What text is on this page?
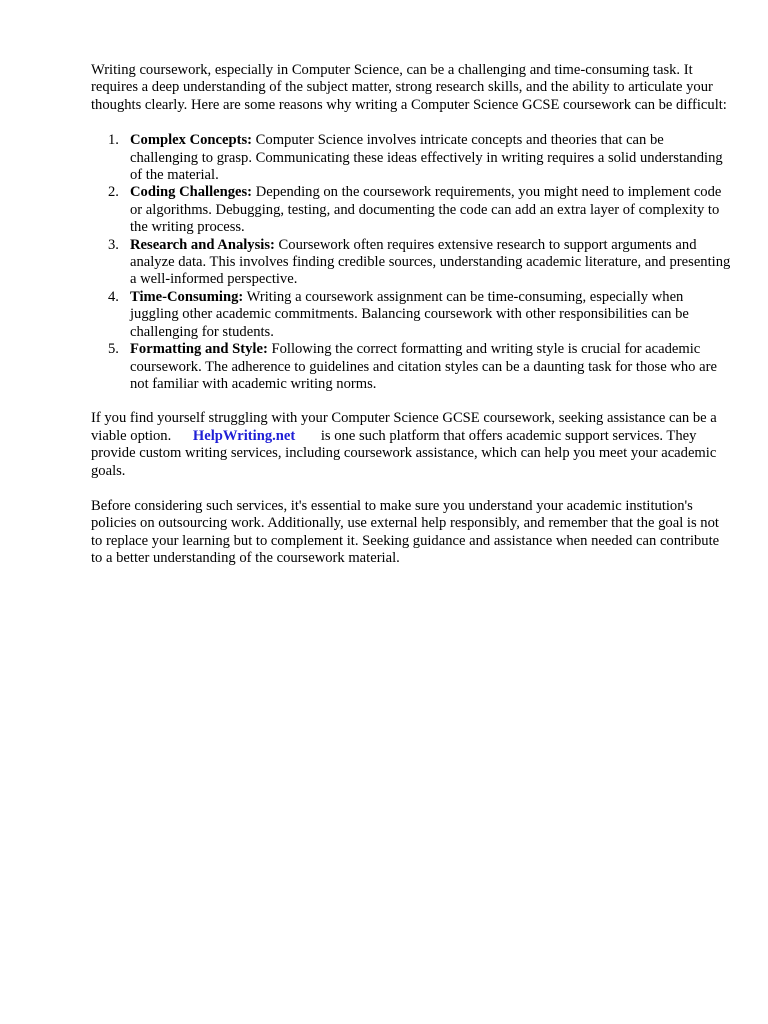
Writing coursework, especially in Computer Science, can be a challenging and time-consuming task. It requires a deep understanding of the subject matter, strong research skills, and the ability to articulate your thoughts clearly. Here are some reasons why writing a Computer Science GCSE coursework can be difficult:

1. Complex Concepts: Computer Science involves intricate concepts and theories that can be challenging to grasp. Communicating these ideas effectively in writing requires a solid understanding of the material.
2. Coding Challenges: Depending on the coursework requirements, you might need to implement code or algorithms. Debugging, testing, and documenting the code can add an extra layer of complexity to the writing process.
3. Research and Analysis: Coursework often requires extensive research to support arguments and analyze data. This involves finding credible sources, understanding academic literature, and presenting a well-informed perspective.
4. Time-Consuming: Writing a coursework assignment can be time-consuming, especially when juggling other academic commitments. Balancing coursework with other responsibilities can be challenging for students.
5. Formatting and Style: Following the correct formatting and writing style is crucial for academic coursework. The adherence to guidelines and citation styles can be a daunting task for those who are not familiar with academic writing norms.

If you find yourself struggling with your Computer Science GCSE coursework, seeking assistance can be a viable option. HelpWriting.net is one such platform that offers academic support services. They provide custom writing services, including coursework assistance, which can help you meet your academic goals.

Before considering such services, it's essential to make sure you understand your academic institution's policies on outsourcing work. Additionally, use external help responsibly, and remember that the goal is not to replace your learning but to complement it. Seeking guidance and assistance when needed can contribute to a better understanding of the coursework material.
